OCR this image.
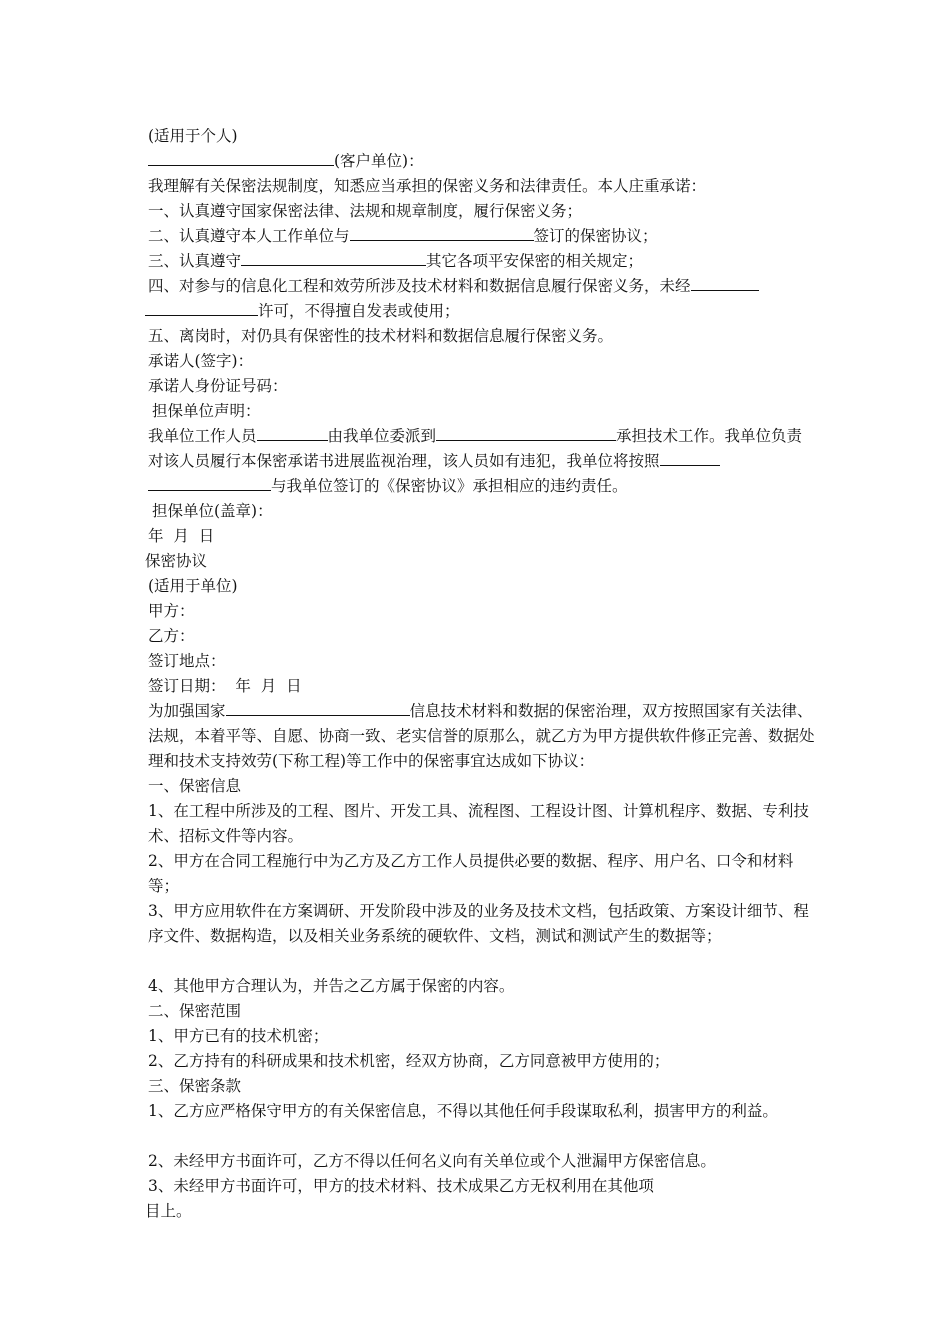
(适用于个人)
(客户单位)：
我理解有关保密法规制度，知悉应当承担的保密义务和法律责任。本人庄重承诺：
一、认真遵守国家保密法律、法规和规章制度，履行保密义务；
二、认真遵守本人工作单位与	签订的保密协议；
三、认真遵守	其它各项平安保密的相关规定；
四、对参与的信息化工程和效劳所涉及技术材料和数据信息履行保密义务，未经
许可，不得擅自发表或使用；
五、离岗时，对仍具有保密性的技术材料和数据信息履行保密义务。
承诺人(签字)：
承诺人身份证号码：
担保单位声明：
我单位工作人员	由我单位委派到	承担技术工作。我单位负责对该人员履行本保密承诺书进展监视治理，该人员如有违犯，我单位将按照 与我单位签订的《保密协议》承担相应的违约责任。
担保单位(盖章)：
年  月  日
保密协议
(适用于单位)
甲方：
乙方：
签订地点：
签订日期：  年  月  日
为加强国家	信息技术材料和数据的保密治理，双方按照国家有关法律、法规，本着平等、自愿、协商一致、老实信誉的原那么，就乙方为甲方提供软件修正完善、数据处理和技术支持效劳(下称工程)等工作中的保密事宜达成如下协议：
一、保密信息
1、在工程中所涉及的工程、图片、开发工具、流程图、工程设计图、计算机程序、数据、专利技术、招标文件等内容。
2、甲方在合同工程施行中为乙方及乙方工作人员提供必要的数据、程序、用户名、口令和材料等；
3、甲方应用软件在方案调研、开发阶段中涉及的业务及技术文档，包括政策、方案设计细节、程序文件、数据构造，以及相关业务系统的硬软件、文档，测试和测试产生的数据等；
4、其他甲方合理认为，并告之乙方属于保密的内容。
二、保密范围
1、甲方已有的技术机密；
2、乙方持有的科研成果和技术机密，经双方协商，乙方同意被甲方使用的；
三、保密条款
1、乙方应严格保守甲方的有关保密信息，不得以其他任何手段谋取私利，损害甲方的利益。
2、未经甲方书面许可，乙方不得以任何名义向有关单位或个人泄漏甲方保密信息。
3、未经甲方书面许可，甲方的技术材料、技术成果乙方无权利用在其他项
目上。
